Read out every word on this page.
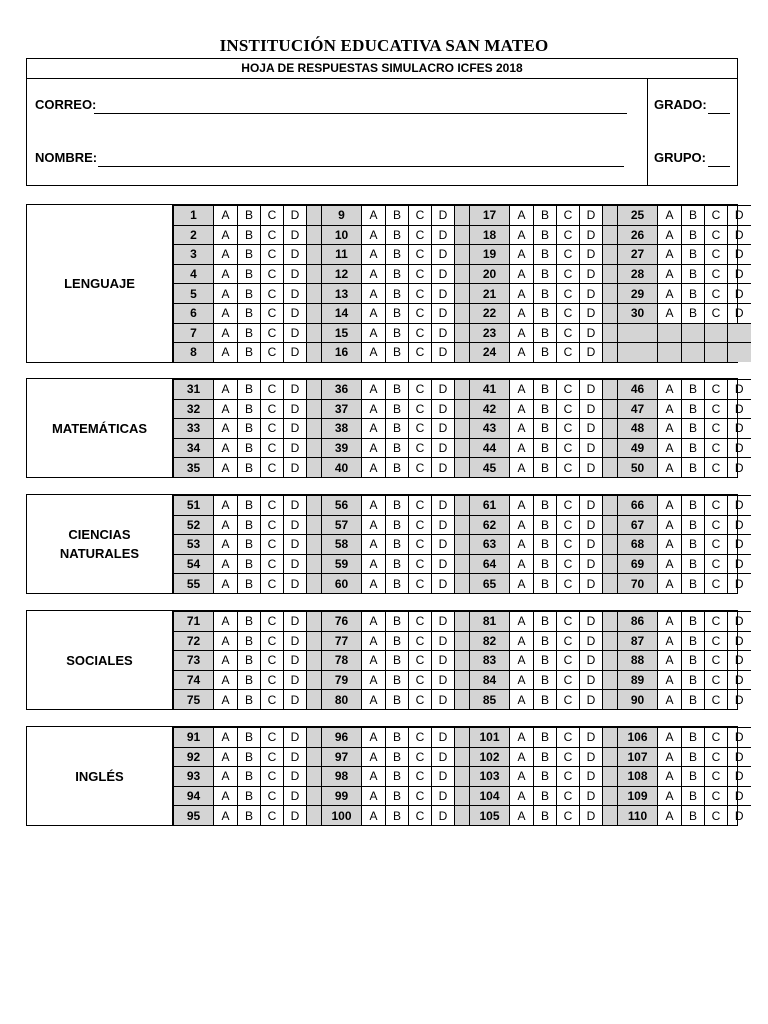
INSTITUCIÓN EDUCATIVA SAN MATEO
HOJA DE RESPUESTAS SIMULACRO ICFES 2018
CORREO:
NOMBRE:
GRADO:
GRUPO:
LENGUAJE
1	A	B	C	D		9	A	B	C	D		17	A	B	C	D		25	A	B	C	D
2	A	B	C	D		10	A	B	C	D		18	A	B	C	D		26	A	B	C	D
3	A	B	C	D		11	A	B	C	D		19	A	B	C	D		27	A	B	C	D
4	A	B	C	D		12	A	B	C	D		20	A	B	C	D		28	A	B	C	D
5	A	B	C	D		13	A	B	C	D		21	A	B	C	D		29	A	B	C	D
6	A	B	C	D		14	A	B	C	D		22	A	B	C	D		30	A	B	C	D
7	A	B	C	D		15	A	B	C	D		23	A	B	C	D						
8	A	B	C	D		16	A	B	C	D		24	A	B	C	D						
MATEMÁTICAS
31	A	B	C	D		36	A	B	C	D		41	A	B	C	D		46	A	B	C	D
32	A	B	C	D		37	A	B	C	D		42	A	B	C	D		47	A	B	C	D
33	A	B	C	D		38	A	B	C	D		43	A	B	C	D		48	A	B	C	D
34	A	B	C	D		39	A	B	C	D		44	A	B	C	D		49	A	B	C	D
35	A	B	C	D		40	A	B	C	D		45	A	B	C	D		50	A	B	C	D
CIENCIAS
NATURALES
51	A	B	C	D		56	A	B	C	D		61	A	B	C	D		66	A	B	C	D
52	A	B	C	D		57	A	B	C	D		62	A	B	C	D		67	A	B	C	D
53	A	B	C	D		58	A	B	C	D		63	A	B	C	D		68	A	B	C	D
54	A	B	C	D		59	A	B	C	D		64	A	B	C	D		69	A	B	C	D
55	A	B	C	D		60	A	B	C	D		65	A	B	C	D		70	A	B	C	D
SOCIALES
71	A	B	C	D		76	A	B	C	D		81	A	B	C	D		86	A	B	C	D
72	A	B	C	D		77	A	B	C	D		82	A	B	C	D		87	A	B	C	D
73	A	B	C	D		78	A	B	C	D		83	A	B	C	D		88	A	B	C	D
74	A	B	C	D		79	A	B	C	D		84	A	B	C	D		89	A	B	C	D
75	A	B	C	D		80	A	B	C	D		85	A	B	C	D		90	A	B	C	D
INGLÉS
91	A	B	C	D		96	A	B	C	D		101	A	B	C	D		106	A	B	C	D
92	A	B	C	D		97	A	B	C	D		102	A	B	C	D		107	A	B	C	D
93	A	B	C	D		98	A	B	C	D		103	A	B	C	D		108	A	B	C	D
94	A	B	C	D		99	A	B	C	D		104	A	B	C	D		109	A	B	C	D
95	A	B	C	D		100	A	B	C	D		105	A	B	C	D		110	A	B	C	D
